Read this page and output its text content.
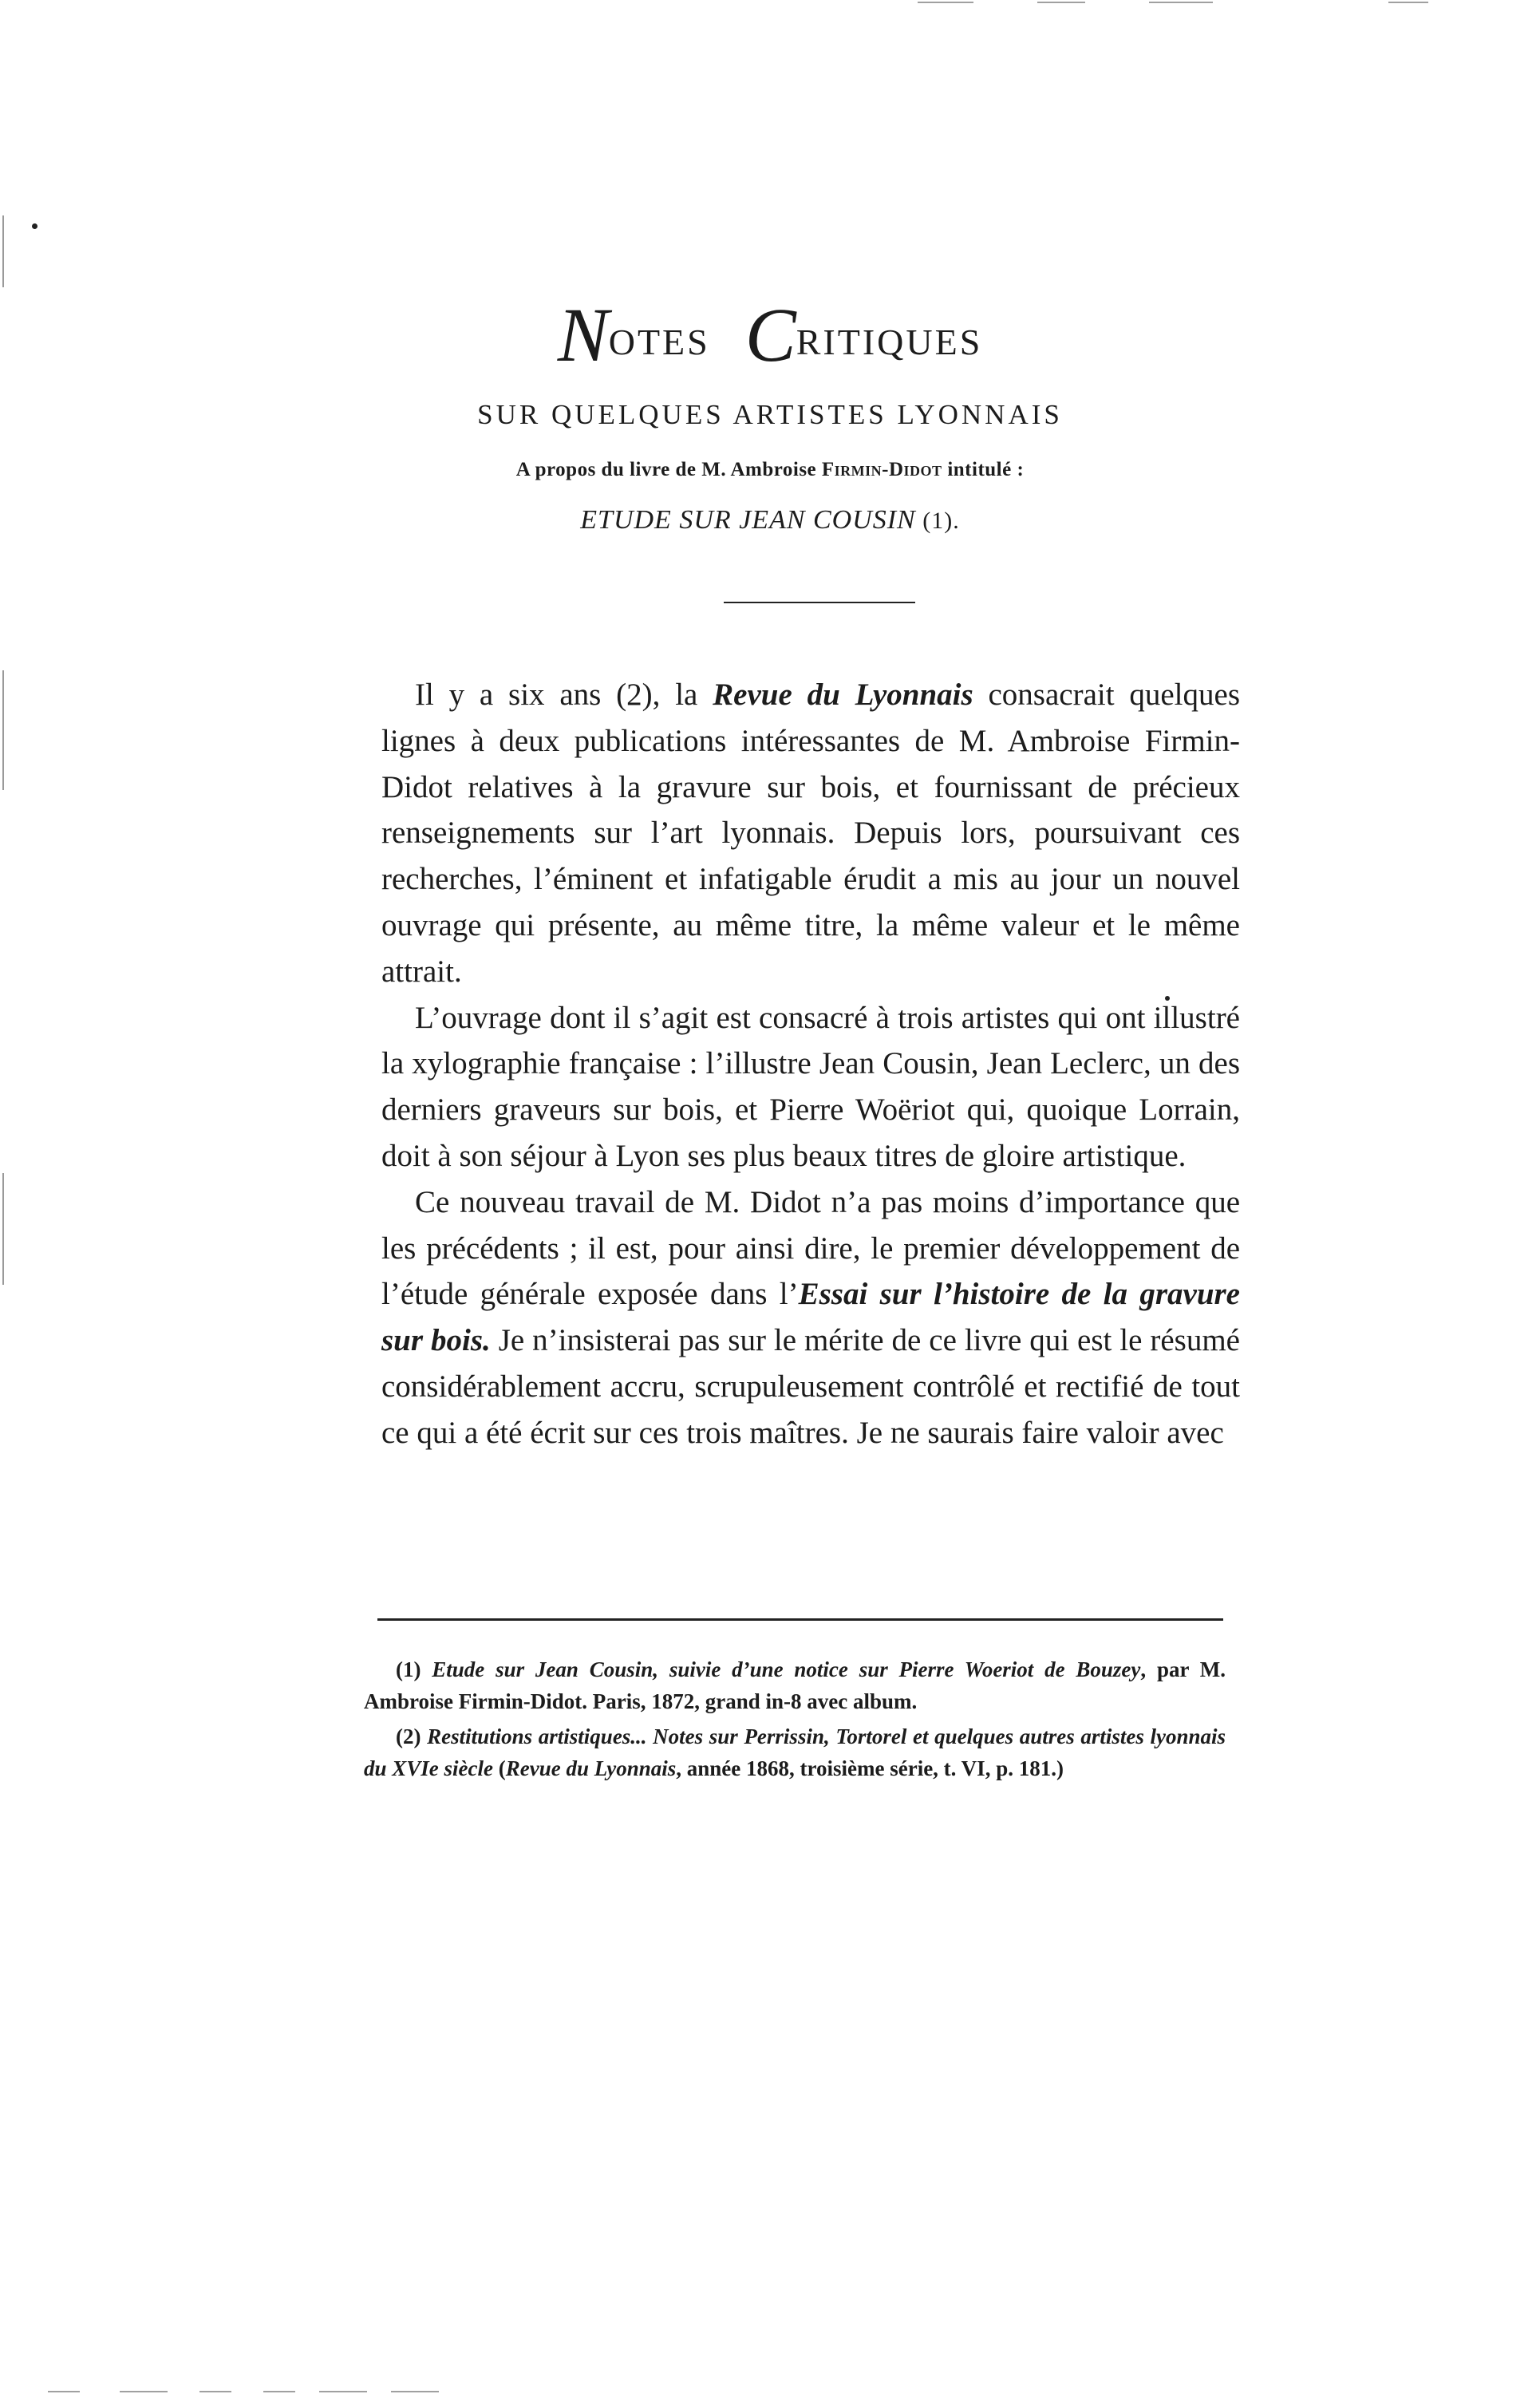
NOTES CRITIQUES
SUR QUELQUES ARTISTES LYONNAIS
A propos du livre de M. Ambroise Firmin-Didot intitulé :
ETUDE SUR JEAN COUSIN (1).

Il y a six ans (2), la Revue du Lyonnais consacrait quelques lignes à deux publications intéressantes de M. Ambroise Firmin-Didot relatives à la gravure sur bois, et fournissant de précieux renseignements sur l’art lyonnais. Depuis lors, poursuivant ces recherches, l’éminent et infatigable érudit a mis au jour un nouvel ouvrage qui présente, au même titre, la même valeur et le même attrait.

L’ouvrage dont il s’agit est consacré à trois artistes qui ont illustré la xylographie française : l’illustre Jean Cousin, Jean Leclerc, un des derniers graveurs sur bois, et Pierre Woëriot qui, quoique Lorrain, doit à son séjour à Lyon ses plus beaux titres de gloire artistique.

Ce nouveau travail de M. Didot n’a pas moins d’importance que les précédents ; il est, pour ainsi dire, le premier développement de l’étude générale exposée dans l’Essai sur l’histoire de la gravure sur bois. Je n’insisterai pas sur le mérite de ce livre qui est le résumé considérablement accru, scrupuleusement contrôlé et rectifié de tout ce qui a été écrit sur ces trois maîtres. Je ne saurais faire valoir avec

(1) Etude sur Jean Cousin, suivie d’une notice sur Pierre Woeriot de Bouzey, par M. Ambroise Firmin-Didot. Paris, 1872, grand in-8 avec album.

(2) Restitutions artistiques... Notes sur Perrissin, Tortorel et quelques autres artistes lyonnais du XVIe siècle (Revue du Lyonnais, année 1868, troisième série, t. VI, p. 181.)
